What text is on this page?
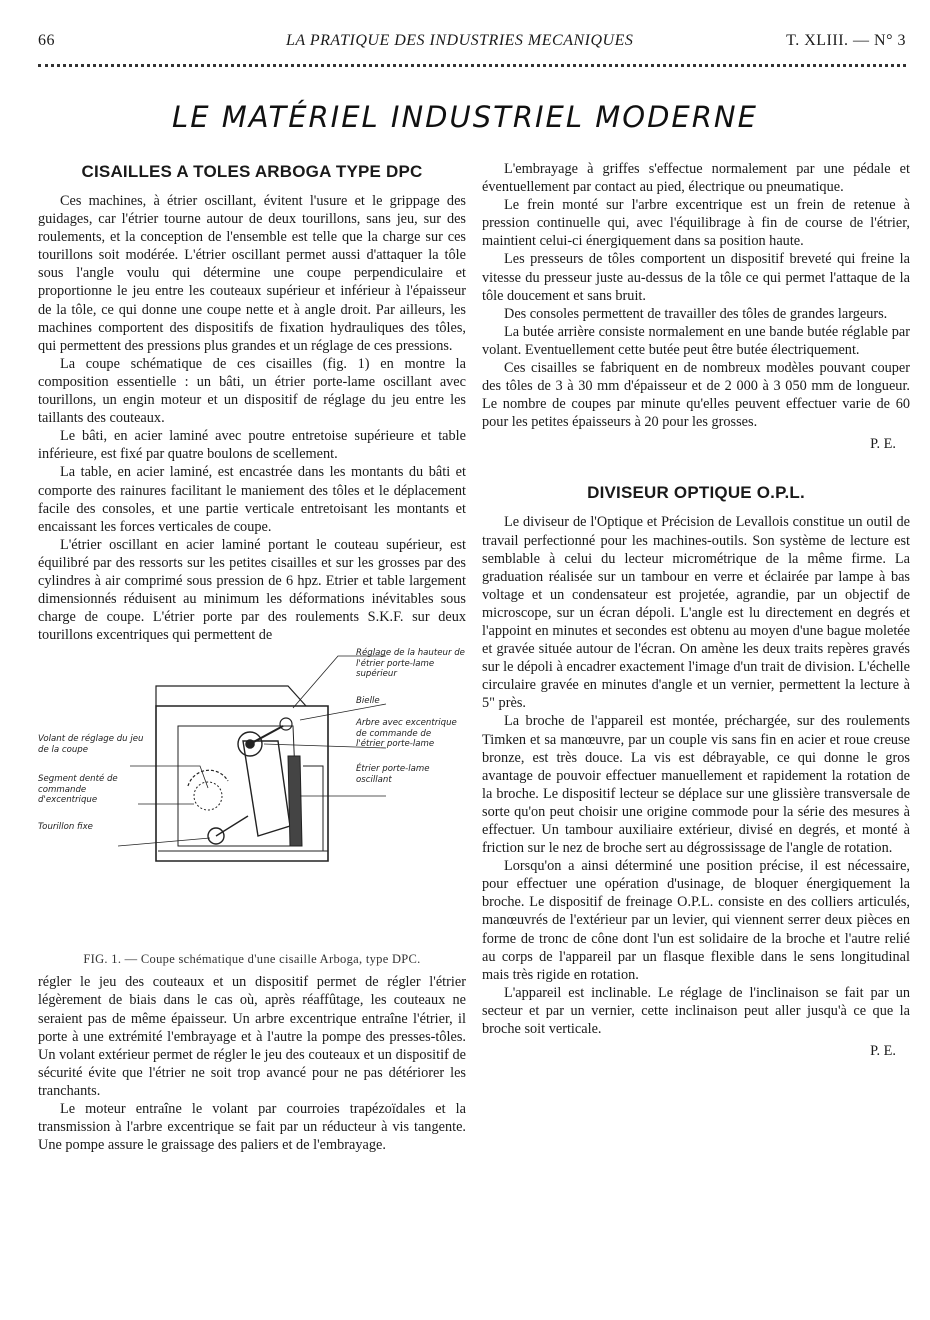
66	LA PRATIQUE DES INDUSTRIES MECANIQUES	T. XLIII. — N° 3
LE MATÉRIEL INDUSTRIEL MODERNE
CISAILLES A TOLES ARBOGA TYPE DPC

Ces machines, à étrier oscillant, évitent l'usure et le grippage des guidages, car l'étrier tourne autour de deux tourillons, sans jeu, sur des roulements, et la conception de l'ensemble est telle que la charge sur ces tourillons soit modérée. L'étrier oscillant permet aussi d'attaquer la tôle sous l'angle voulu qui détermine une coupe perpendiculaire et proportionne le jeu entre les couteaux supérieur et inférieur à l'épaisseur de la tôle, ce qui donne une coupe nette et à angle droit. Par ailleurs, les machines comportent des dispositifs de fixation hydrauliques des tôles, qui permettent des pressions plus grandes et un réglage de ces pressions.

La coupe schématique de ces cisailles (fig. 1) en montre la composition essentielle : un bâti, un étrier porte-lame oscillant avec tourillons, un engin moteur et un dispositif de réglage du jeu entre les taillants des couteaux.

Le bâti, en acier laminé avec poutre entretoise supérieure et table inférieure, est fixé par quatre boulons de scellement.

La table, en acier laminé, est encastrée dans les montants du bâti et comporte des rainures facilitant le maniement des tôles et le déplacement facile des consoles, et une partie verticale entretoisant les montants et encaissant les forces verticales de coupe.

L'étrier oscillant en acier laminé portant le couteau supérieur, est équilibré par des ressorts sur les petites cisailles et sur les grosses par des cylindres à air comprimé sous pression de 6 hpz. Etrier et table largement dimensionnés réduisent au minimum les déformations inévitables sous charge de coupe. L'étrier porte par des roulements S.K.F. sur deux tourillons excentriques qui permettent de

Réglage de la hauteur de l'étrier porte-lame supérieur
Bielle
Arbre avec excentrique de commande de l'étrier porte-lame
Étrier porte-lame oscillant
Volant de réglage du jeu de la coupe
Segment denté de commande d'excentrique
Tourillon fixe
FIG. 1. — Coupe schématique d'une cisaille Arboga, type DPC.

régler le jeu des couteaux et un dispositif permet de régler l'étrier légèrement de biais dans le cas où, après réaffûtage, les couteaux ne seraient pas de même épaisseur. Un arbre excentrique entraîne l'étrier, il porte à une extrémité l'embrayage et à l'autre la pompe des presses-tôles. Un volant extérieur permet de régler le jeu des couteaux et un dispositif de sécurité évite que l'étrier ne soit trop avancé pour ne pas détériorer les tranchants.

Le moteur entraîne le volant par courroies trapézoïdales et la transmission à l'arbre excentrique se fait par un réducteur à vis tangente. Une pompe assure le graissage des paliers et de l'embrayage.

L'embrayage à griffes s'effectue normalement par une pédale et éventuellement par contact au pied, électrique ou pneumatique.

Le frein monté sur l'arbre excentrique est un frein de retenue à pression continuelle qui, avec l'équilibrage à fin de course de l'étrier, maintient celui-ci énergiquement dans sa position haute.

Les presseurs de tôles comportent un dispositif breveté qui freine la vitesse du presseur juste au-dessus de la tôle ce qui permet l'attaque de la tôle doucement et sans bruit.

Des consoles permettent de travailler des tôles de grandes largeurs.

La butée arrière consiste normalement en une bande butée réglable par volant. Eventuellement cette butée peut être butée électriquement.

Ces cisailles se fabriquent en de nombreux modèles pouvant couper des tôles de 3 à 30 mm d'épaisseur et de 2 000 à 3 050 mm de longueur. Le nombre de coupes par minute qu'elles peuvent effectuer varie de 60 pour les petites épaisseurs à 20 pour les grosses.

P. E.
DIVISEUR OPTIQUE O.P.L.

Le diviseur de l'Optique et Précision de Levallois constitue un outil de travail perfectionné pour les machines-outils. Son système de lecture est semblable à celui du lecteur micrométrique de la même firme. La graduation réalisée sur un tambour en verre et éclairée par lampe à bas voltage et un condensateur est projetée, agrandie, par un objectif de microscope, sur un écran dépoli. L'angle est lu directement en degrés et l'appoint en minutes et secondes est obtenu au moyen d'une bague moletée et gravée située autour de l'écran. On amène les deux traits repères gravés sur le dépoli à encadrer exactement l'image d'un trait de division. L'échelle circulaire gravée en minutes d'angle et un vernier, permettent la lecture à 5" près.

La broche de l'appareil est montée, préchargée, sur des roulements Timken et sa manœuvre, par un couple vis sans fin en acier et roue creuse bronze, est très douce. La vis est débrayable, ce qui donne le gros avantage de pouvoir effectuer manuellement et rapidement la rotation de la broche. Le dispositif lecteur se déplace sur une glissière transversale de sorte qu'on peut choisir une origine commode pour la série des mesures à effectuer. Un tambour auxiliaire extérieur, divisé en degrés, et monté à friction sur le nez de broche sert au dégrossissage de l'angle de rotation.

Lorsqu'on a ainsi déterminé une position précise, il est nécessaire, pour effectuer une opération d'usinage, de bloquer énergiquement la broche. Le dispositif de freinage O.P.L. consiste en des colliers articulés, manœuvrés de l'extérieur par un levier, qui viennent serrer deux pièces en forme de tronc de cône dont l'un est solidaire de la broche et l'autre relié au corps de l'appareil par un flasque flexible dans le sens longitudinal mais très rigide en rotation.

L'appareil est inclinable. Le réglage de l'inclinaison se fait par un secteur et par un vernier, cette inclinaison peut aller jusqu'à ce que la broche soit verticale.

P. E.
